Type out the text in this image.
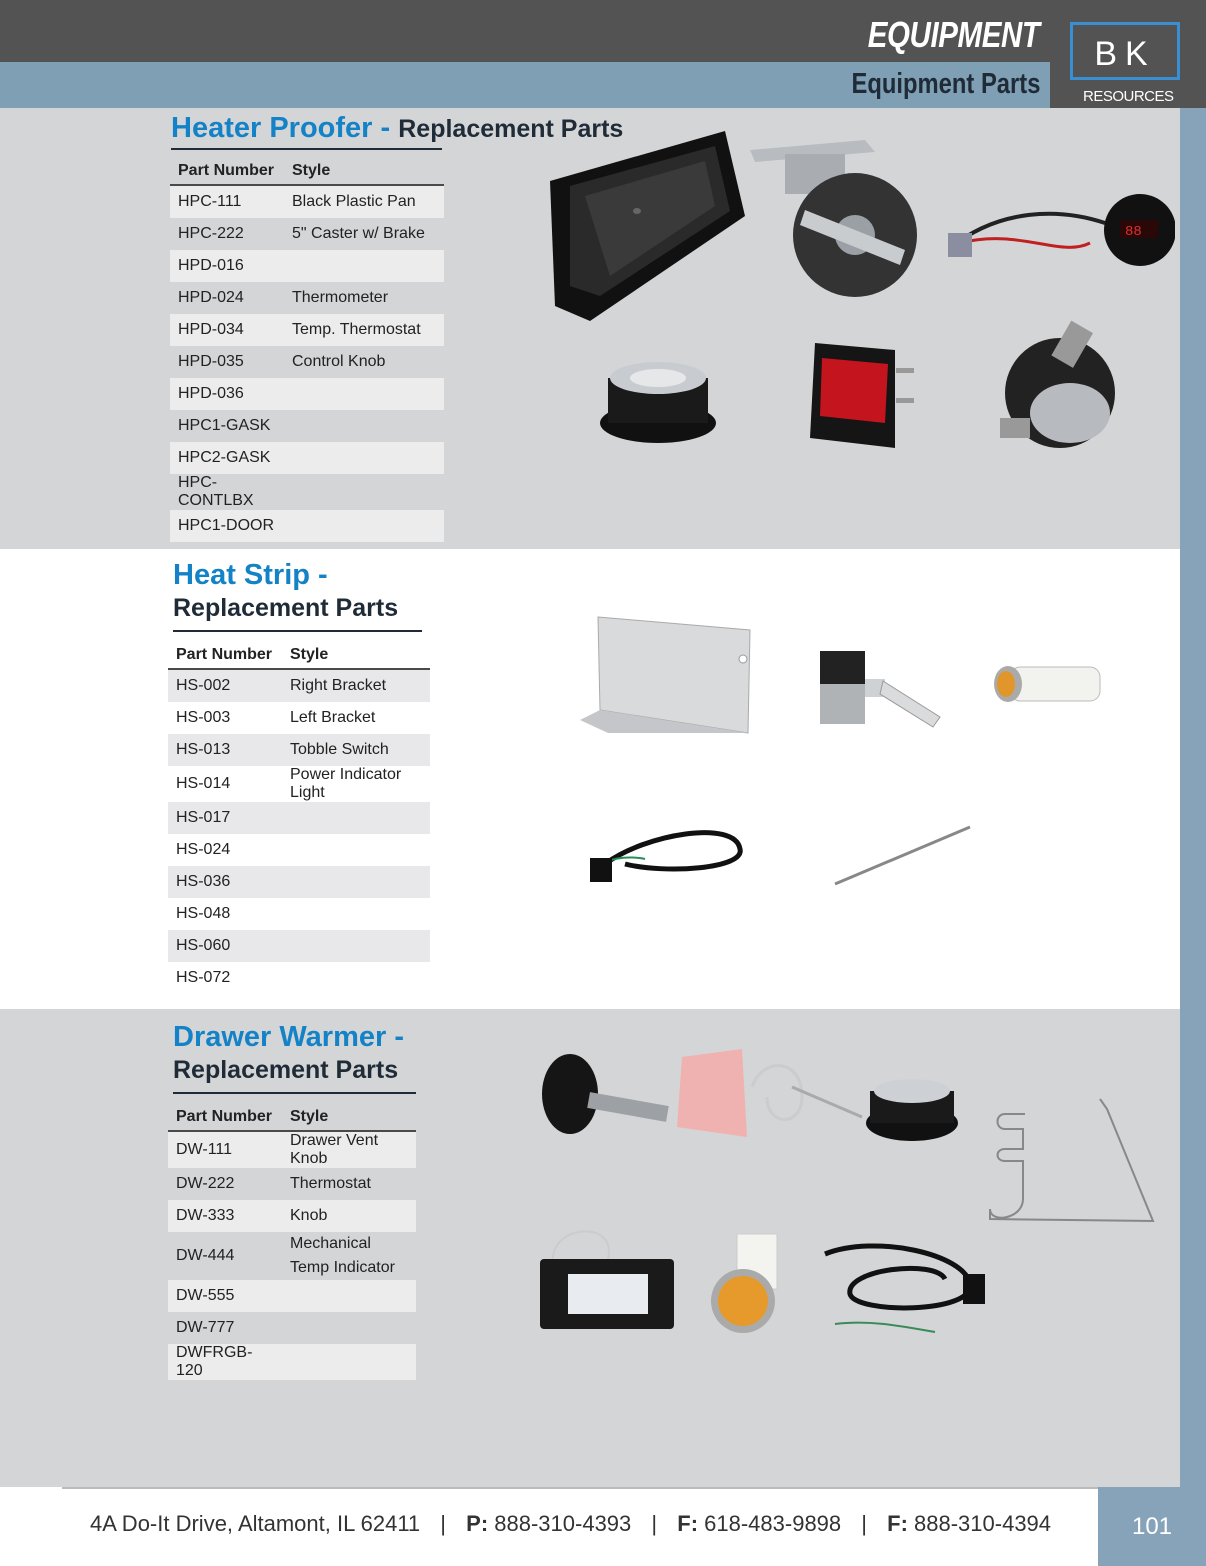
EQUIPMENT
Equipment Parts
BK
RESOURCES
Heater Proofer - Replacement Parts
Part Number	Style
HPC-111	Black Plastic Pan
HPC-222	5" Caster w/ Brake
HPD-016	
HPD-024	Thermometer
HPD-034	Temp. Thermostat
HPD-035	Control Knob
HPD-036	
HPC1-GASK	
HPC2-GASK	
HPC-CONTLBX	
HPC1-DOOR	
88
Heat Strip -
Replacement Parts
Part Number	Style
HS-002	Right Bracket
HS-003	Left Bracket
HS-013	Tobble Switch
HS-014	Power Indicator Light
HS-017	
HS-024	
HS-036	
HS-048	
HS-060	
HS-072	
Drawer Warmer -
Replacement Parts
Part Number	Style
DW-111	Drawer Vent Knob
DW-222	Thermostat
DW-333	Knob
DW-444	Mechanical Temp Indicator
DW-555	
DW-777	
DWFRGB-120	
4A Do-It Drive, Altamont, IL 62411 | P: 888-310-4393 | F: 618-483-9898 | F: 888-310-4394	101
